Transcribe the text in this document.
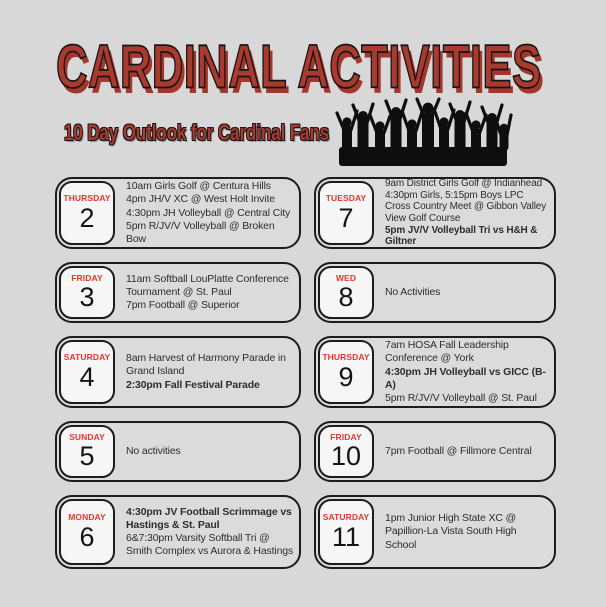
CARDINAL ACTIVITIES
10 Day Outlook for Cardinal Fans
THURSDAY
2
10am Girls Golf @ Centura Hills
4pm JH/V XC @ West Holt Invite
4:30pm JH Volleyball @ Central City
5pm R/JV/V Volleyball @ Broken Bow
FRIDAY
3
11am Softball LouPlatte Conference Tournament @ St. Paul
7pm Football @ Superior
SATURDAY
4
8am Harvest of Harmony Parade in Grand Island
2:30pm Fall Festival Parade
SUNDAY
5	No activities
MONDAY
6
4:30pm JV Football Scrimmage vs Hastings & St. Paul
6&7:30pm Varsity Softball Tri @ Smith Complex vs Aurora & Hastings
TUESDAY
7
9am District Girls Golf @ Indianhead
4:30pm Girls, 5:15pm Boys LPC Cross Country Meet @ Gibbon Valley View Golf Course
5pm JV/V Volleyball Tri vs H&H & Giltner
WED
8	No Activities
THURSDAY
9
7am HOSA Fall Leadership Conference @ York
4:30pm JH Volleyball vs GICC (B-A)
5pm R/JV/V Volleyball @ St. Paul
FRIDAY
10 7pm Football @ Fillmore Central
SATURDAY
11
1pm Junior High State XC @ Papillion-La Vista South High School
